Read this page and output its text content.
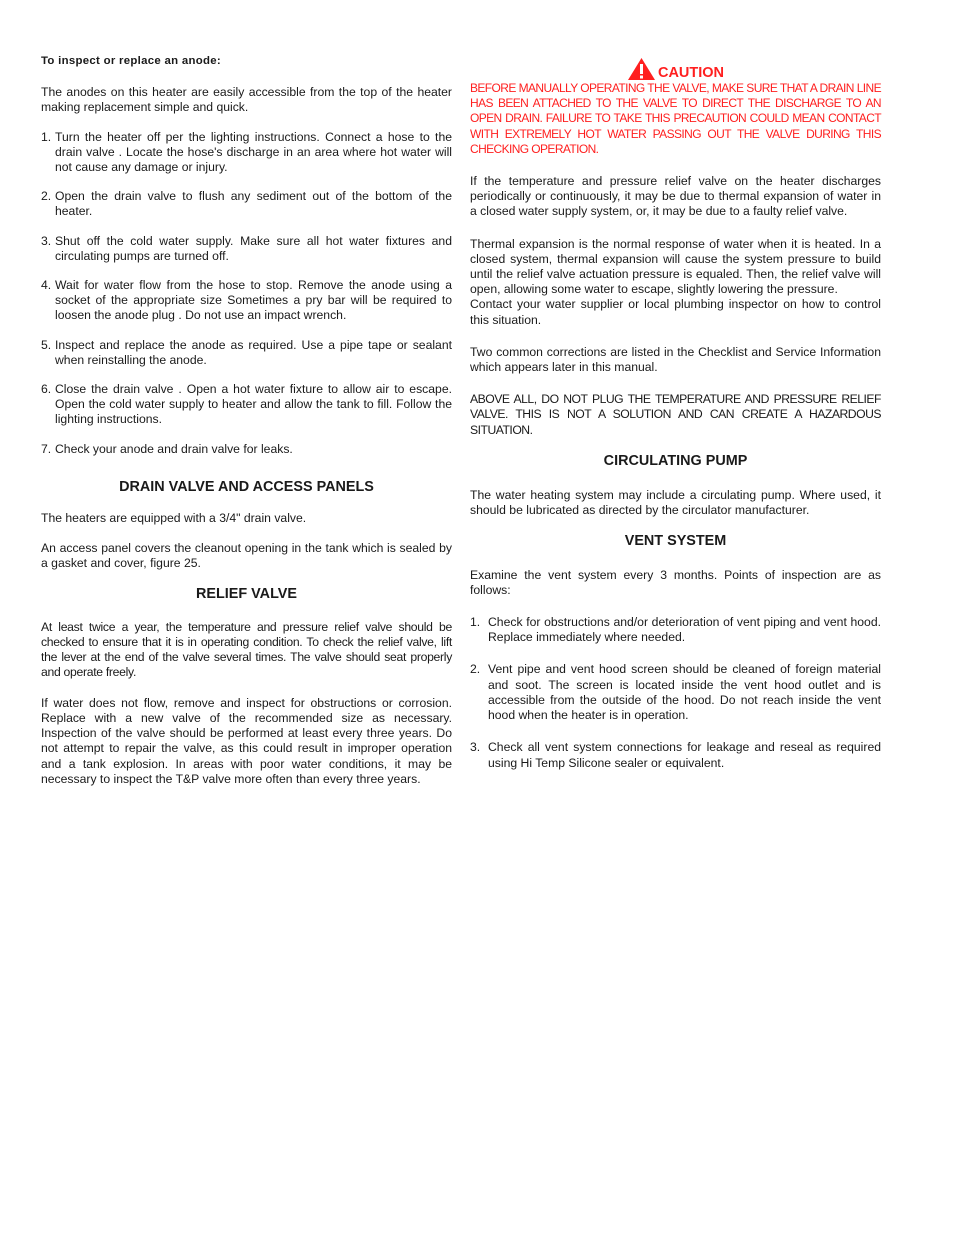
To inspect or replace an anode:

The anodes on this heater are easily accessible from the top of the heater making replacement simple and quick.

1. Turn the heater off per the lighting instructions. Connect a hose to the drain valve . Locate the hose's discharge in an area where hot water will not cause any damage or injury.
2. Open the drain valve to flush any sediment out of the bottom of the heater.
3. Shut off the cold water supply. Make sure all hot water fixtures and circulating pumps are turned off.
4. Wait for water flow from the hose to stop. Remove the anode using a socket of the appropriate size Sometimes a pry bar will be required to loosen the anode plug . Do not use an impact wrench.
5. Inspect and replace the anode as required. Use a pipe tape or sealant when reinstalling the anode.
6. Close the drain valve . Open a hot water fixture to allow air to escape. Open the cold water supply to heater and allow the tank to fill. Follow the lighting instructions.
7. Check your anode and drain valve for leaks.
DRAIN VALVE AND ACCESS PANELS

The heaters are equipped with a 3/4" drain valve.

An access panel covers the cleanout opening in the tank which is sealed by a gasket and cover, figure 25.

RELIEF VALVE

At least twice a year, the temperature and pressure relief valve should be checked to ensure that it is in operating condition. To check the relief valve, lift the lever at the end of the valve several times. The valve should seat properly and operate freely.

If water does not flow, remove and inspect for obstructions or corrosion. Replace with a new valve of the recommended size as necessary. Inspection of the valve should be performed at least every three years. Do not attempt to repair the valve, as this could result in improper operation and a tank explosion. In areas with poor water conditions, it may be necessary to inspect the T&P valve more often than every three years.

CAUTION

BEFORE MANUALLY OPERATING THE VALVE, MAKE SURE THAT A DRAIN LINE HAS BEEN ATTACHED TO THE VALVE TO DIRECT THE DISCHARGE TO AN OPEN DRAIN. FAILURE TO TAKE THIS PRECAUTION COULD MEAN CONTACT WITH EXTREMELY HOT WATER PASSING OUT THE VALVE DURING THIS CHECKING OPERATION.

If the temperature and pressure relief valve on the heater discharges periodically or continuously, it may be due to thermal expansion of water in a closed water supply system, or, it may be due to a faulty relief valve.

Thermal expansion is the normal response of water when it is heated. In a closed system, thermal expansion will cause the system pressure to build until the relief valve actuation pressure is equaled. Then, the relief valve will open, allowing some water to escape, slightly lowering the pressure.

Contact your water supplier or local plumbing inspector on how to control this situation.

Two common corrections are listed in the Checklist and Service Information which appears later in this manual.

ABOVE ALL, DO NOT PLUG THE TEMPERATURE AND PRESSURE RELIEF VALVE. THIS IS NOT A SOLUTION AND CAN CREATE A HAZARDOUS SITUATION.

CIRCULATING PUMP

The water heating system may include a circulating pump. Where used, it should be lubricated as directed by the circulator manufacturer.

VENT SYSTEM

Examine the vent system every 3 months. Points of inspection are as follows:

1. Check for obstructions and/or deterioration of vent piping and vent hood. Replace immediately where needed.
2. Vent pipe and vent hood screen should be cleaned of foreign material and soot. The screen is located inside the vent hood outlet and is accessible from the outside of the hood. Do not reach inside the vent hood when the heater is in operation.
3. Check all vent system connections for leakage and reseal as required using Hi Temp Silicone sealer or equivalent.
